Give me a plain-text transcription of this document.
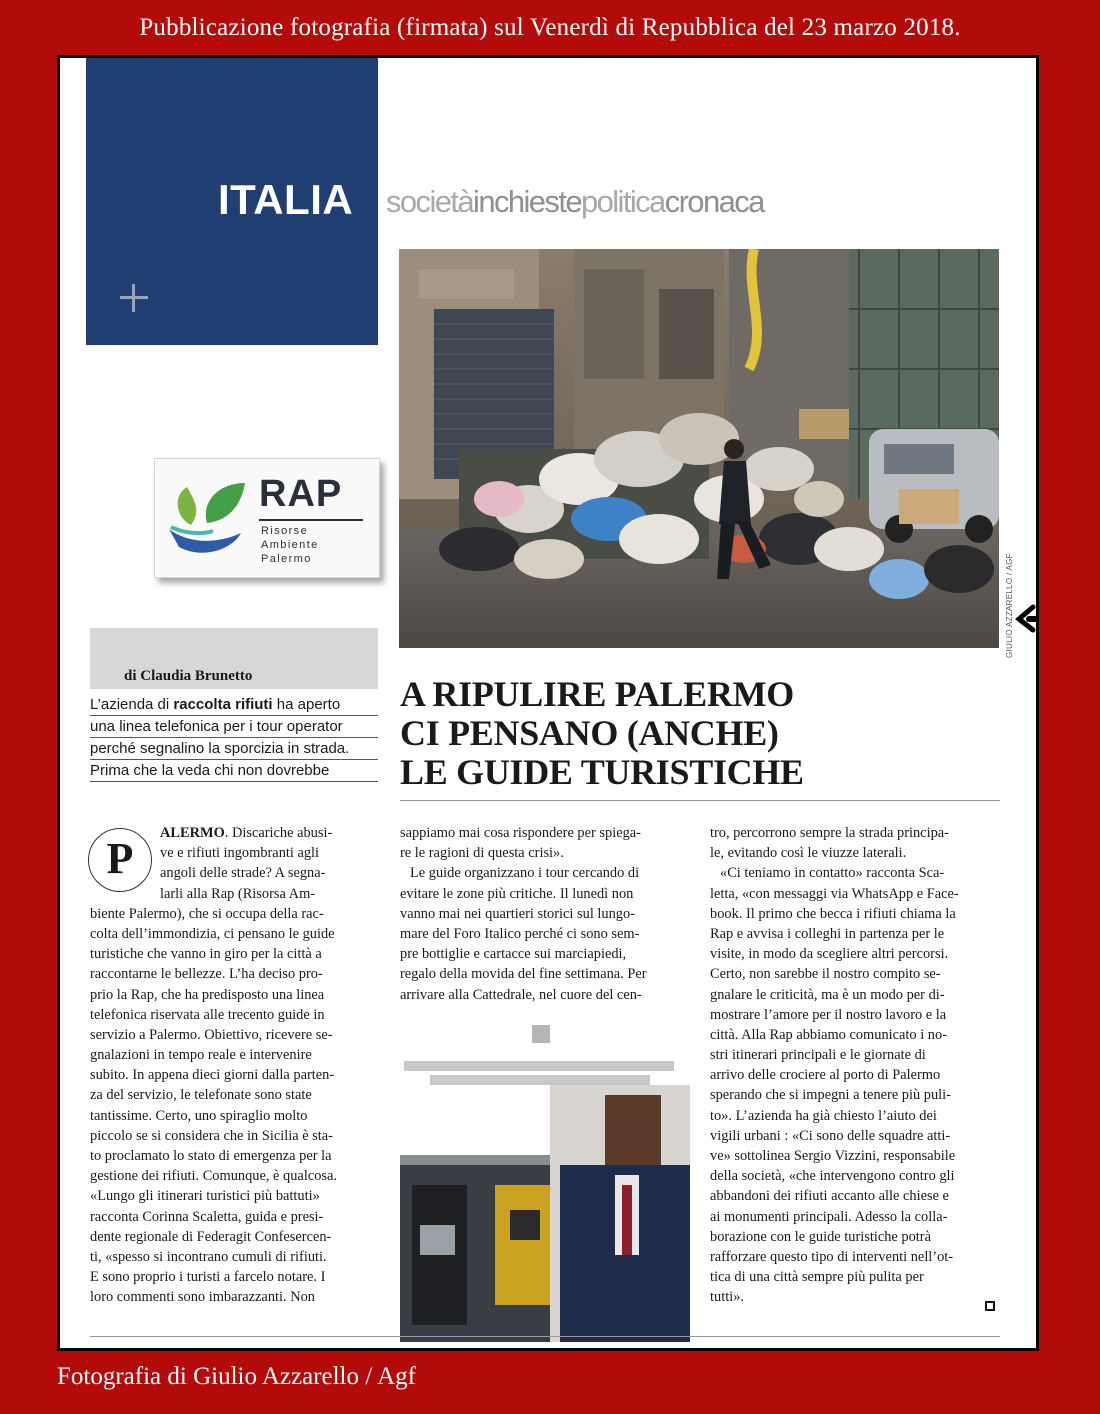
Pubblicazione fotografia (firmata) sul Venerdì di Repubblica del 23 marzo 2018.
ITALIA societàinchiestepoliticacronaca
GIULIO AZZARELLO / AGF
RAP
Risorse
Ambiente
Palermo
di Claudia Brunetto
L’azienda di raccolta rifiuti ha aperto
una linea telefonica per i tour operator
perché segnalino la sporcizia in strada.
Prima che la veda chi non dovrebbe
A RIPULIRE PALERMO
CI PENSANO (ANCHE)
LE GUIDE TURISTICHE
P
ALERMO. Discariche abusi-
ve e rifiuti ingombranti agli
angoli delle strade? A segna-
larli alla Rap (Risorsa Am-
biente Palermo), che si occupa della rac-
colta dell’immondizia, ci pensano le guide
turistiche che vanno in giro per la città a
raccontarne le bellezze. L’ha deciso pro-
prio la Rap, che ha predisposto una linea
telefonica riservata alle trecento guide in
servizio a Palermo. Obiettivo, ricevere se-
gnalazioni in tempo reale e intervenire
subito. In appena dieci giorni dalla parten-
za del servizio, le telefonate sono state
tantissime. Certo, uno spiraglio molto
piccolo se si considera che in Sicilia è sta-
to proclamato lo stato di emergenza per la
gestione dei rifiuti. Comunque, è qualcosa.
«Lungo gli itinerari turistici più battuti»
racconta Corinna Scaletta, guida e presi-
dente regionale di Federagit Confesercen-
ti, «spesso si incontrano cumuli di rifiuti.
E sono proprio i turisti a farcelo notare. I
loro commenti sono imbarazzanti. Non
sappiamo mai cosa rispondere per spiega-
re le ragioni di questa crisi».
Le guide organizzano i tour cercando di
evitare le zone più critiche. Il lunedì non
vanno mai nei quartieri storici sul lungo-
mare del Foro Italico perché ci sono sem-
pre bottiglie e cartacce sui marciapiedi,
regalo della movida del fine settimana. Per
arrivare alla Cattedrale, nel cuore del cen-
tro, percorrono sempre la strada principa-
le, evitando così le viuzze laterali.
«Ci teniamo in contatto» racconta Sca-
letta, «con messaggi via WhatsApp e Face-
book. Il primo che becca i rifiuti chiama la
Rap e avvisa i colleghi in partenza per le
visite, in modo da scegliere altri percorsi.
Certo, non sarebbe il nostro compito se-
gnalare le criticità, ma è un modo per di-
mostrare l’amore per il nostro lavoro e la
città. Alla Rap abbiamo comunicato i no-
stri itinerari principali e le giornate di
arrivo delle crociere al porto di Palermo
sperando che si impegni a tenere più puli-
to». L’azienda ha già chiesto l’aiuto dei
vigili urbani : «Ci sono delle squadre atti-
ve» sottolinea Sergio Vizzini, responsabile
della società, «che intervengono contro gli
abbandoni dei rifiuti accanto alle chiese e
ai monumenti principali. Adesso la colla-
borazione con le guide turistiche potrà
rafforzare questo tipo di interventi nell’ot-
tica di una città sempre più pulita per
tutti».
Fotografia di Giulio Azzarello / Agf
